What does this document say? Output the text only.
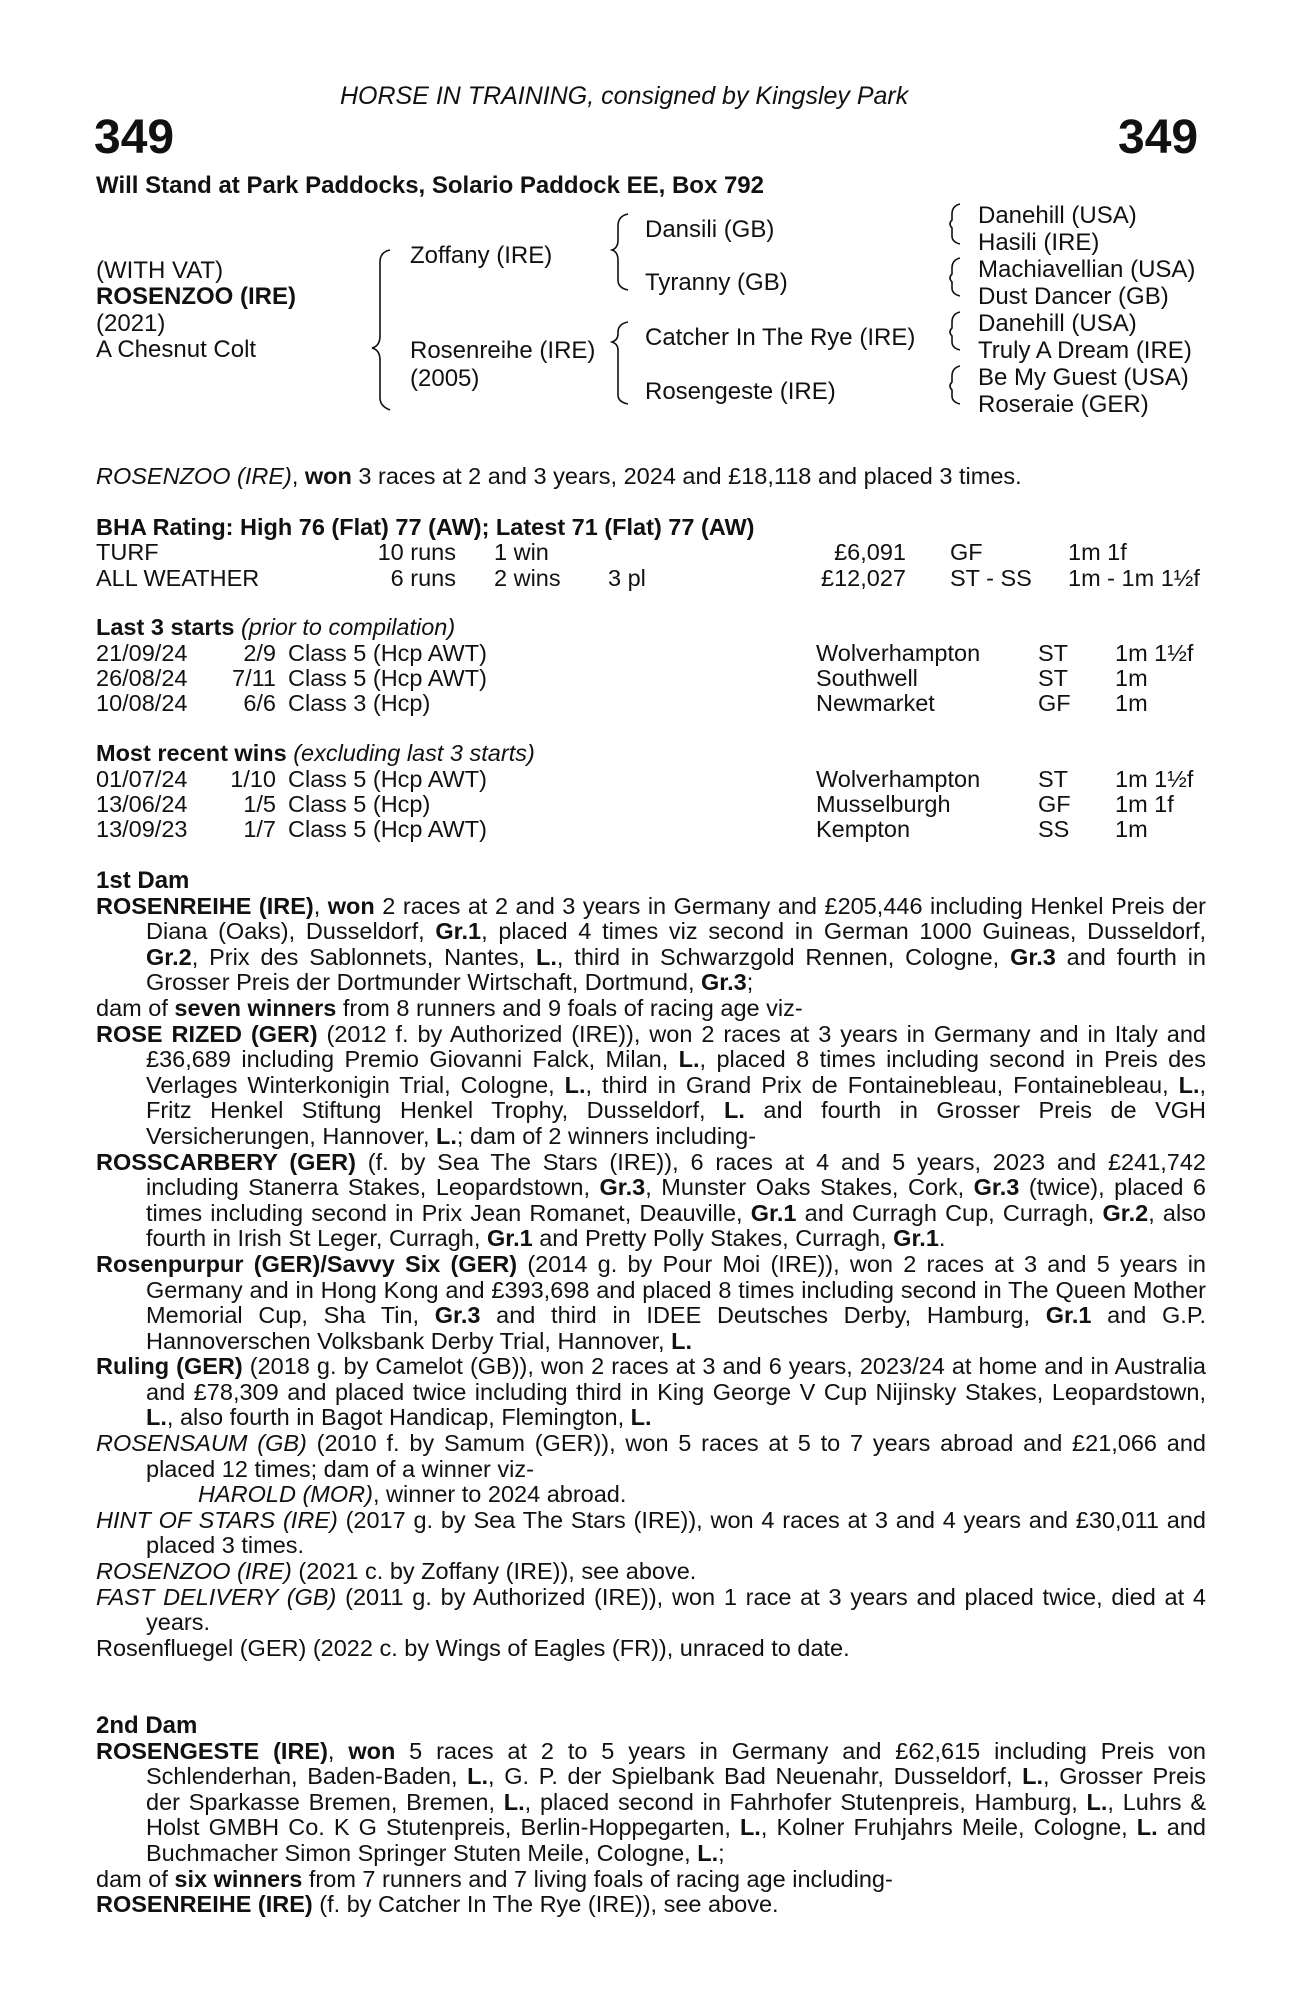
HORSE IN TRAINING, consigned by Kingsley Park
349	349
Will Stand at Park Paddocks, Solario Paddock EE, Box 792
(WITH VAT)
ROSENZOO (IRE)
(2021)
A Chesnut Colt
Zoffany (IRE)
Rosenreihe (IRE)
(2005)
Dansili (GB)
Tyranny (GB)
Catcher In The Rye (IRE)
Rosengeste (IRE)
Danehill (USA)
Hasili (IRE)
Machiavellian (USA)
Dust Dancer (GB)
Danehill (USA)
Truly A Dream (IRE)
Be My Guest (USA)
Roseraie (GER)
ROSENZOO (IRE), won 3 races at 2 and 3 years, 2024 and £18,118 and placed 3 times.
BHA Rating: High 76 (Flat) 77 (AW); Latest 71 (Flat) 77 (AW)
TURF	10 runs 1 win	£6,091 GF	1m 1f
ALL WEATHER	6 runs 2 wins 3 pl	£12,027 ST - SS 1m - 1m 1½f
Last 3 starts (prior to compilation)
21/09/24	2/9 Class 5 (Hcp AWT)	Wolverhampton ST 1m 1½f
26/08/24	7/11 Class 5 (Hcp AWT)	Southwell	ST 1m
10/08/24	6/6 Class 3 (Hcp)	Newmarket	GF 1m
Most recent wins (excluding last 3 starts)
01/07/24	1/10 Class 5 (Hcp AWT)	Wolverhampton ST 1m 1½f
13/06/24	1/5 Class 5 (Hcp)	Musselburgh	GF 1m 1f
13/09/23	1/7 Class 5 (Hcp AWT)	Kempton	SS 1m

1st Dam

ROSENREIHE (IRE), won 2 races at 2 and 3 years in Germany and £205,446 including Henkel Preis der Diana (Oaks), Dusseldorf, Gr.1, placed 4 times viz second in German 1000 Guineas, Dusseldorf, Gr.2, Prix des Sablonnets, Nantes, L., third in Schwarzgold Rennen, Cologne, Gr.3 and fourth in Grosser Preis der Dortmunder Wirtschaft, Dortmund, Gr.3;

dam of seven winners from 8 runners and 9 foals of racing age viz-

ROSE RIZED (GER) (2012 f. by Authorized (IRE)), won 2 races at 3 years in Germany and in Italy and £36,689 including Premio Giovanni Falck, Milan, L., placed 8 times including second in Preis des Verlages Winterkonigin Trial, Cologne, L., third in Grand Prix de Fontainebleau, Fontainebleau, L., Fritz Henkel Stiftung Henkel Trophy, Dusseldorf, L. and fourth in Grosser Preis de VGH Versicherungen, Hannover, L.; dam of 2 winners including-

ROSSCARBERY (GER) (f. by Sea The Stars (IRE)), 6 races at 4 and 5 years, 2023 and £241,742 including Stanerra Stakes, Leopardstown, Gr.3, Munster Oaks Stakes, Cork, Gr.3 (twice), placed 6 times including second in Prix Jean Romanet, Deauville, Gr.1 and Curragh Cup, Curragh, Gr.2, also fourth in Irish St Leger, Curragh, Gr.1 and Pretty Polly Stakes, Curragh, Gr.1.

Rosenpurpur (GER)/Savvy Six (GER) (2014 g. by Pour Moi (IRE)), won 2 races at 3 and 5 years in Germany and in Hong Kong and £393,698 and placed 8 times including second in The Queen Mother Memorial Cup, Sha Tin, Gr.3 and third in IDEE Deutsches Derby, Hamburg, Gr.1 and G.P. Hannoverschen Volksbank Derby Trial, Hannover, L.

Ruling (GER) (2018 g. by Camelot (GB)), won 2 races at 3 and 6 years, 2023/24 at home and in Australia and £78,309 and placed twice including third in King George V Cup Nijinsky Stakes, Leopardstown, L., also fourth in Bagot Handicap, Flemington, L.

ROSENSAUM (GB) (2010 f. by Samum (GER)), won 5 races at 5 to 7 years abroad and £21,066 and placed 12 times; dam of a winner viz-

HAROLD (MOR), winner to 2024 abroad.

HINT OF STARS (IRE) (2017 g. by Sea The Stars (IRE)), won 4 races at 3 and 4 years and £30,011 and placed 3 times.

ROSENZOO (IRE) (2021 c. by Zoffany (IRE)), see above.

FAST DELIVERY (GB) (2011 g. by Authorized (IRE)), won 1 race at 3 years and placed twice, died at 4 years.

Rosenfluegel (GER) (2022 c. by Wings of Eagles (FR)), unraced to date.

2nd Dam

ROSENGESTE (IRE), won 5 races at 2 to 5 years in Germany and £62,615 including Preis von Schlenderhan, Baden-Baden, L., G. P. der Spielbank Bad Neuenahr, Dusseldorf, L., Grosser Preis der Sparkasse Bremen, Bremen, L., placed second in Fahrhofer Stutenpreis, Hamburg, L., Luhrs & Holst GMBH Co. K G Stutenpreis, Berlin-Hoppegarten, L., Kolner Fruhjahrs Meile, Cologne, L. and Buchmacher Simon Springer Stuten Meile, Cologne, L.;

dam of six winners from 7 runners and 7 living foals of racing age including-

ROSENREIHE (IRE) (f. by Catcher In The Rye (IRE)), see above.
